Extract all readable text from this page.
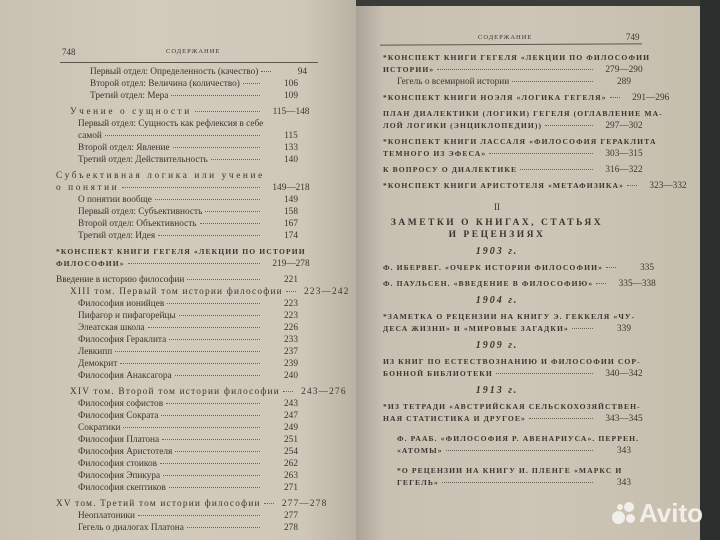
748	СОДЕРЖАНИЕ
СОДЕРЖАНИЕ	749
Первый отдел: Определенность (качество)	94
Второй отдел: Величина (количество)	106
Третий отдел: Мера	109
Учение о сущности	115—148
Первый отдел: Сущность как рефлексия в себе
самой	115
Второй отдел: Явление	133
Третий отдел: Действительность	140
Субъективная логика или учение
о понятии	149—218
О понятии вообще	149
Первый отдел: Субъективность	158
Второй отдел: Объективность	167
Третий отдел: Идея	174
*КОНСПЕКТ КНИГИ ГЕГЕЛЯ «ЛЕКЦИИ ПО ИСТОРИИ
ФИЛОСОФИИ»	219—278
Введение в историю философии	221
XIII том. Первый том истории философии	223—242
Философия ионийцев	223
Пифагор и пифагорейцы	223
Элеатская школа	226
Философия Гераклита	233
Левкипп	237
Демокрит	239
Философия Анаксагора	240
XIV том. Второй том истории философии	243—276
Философия софистов	243
Философия Сократа	247
Сократики	249
Философия Платона	251
Философия Аристотеля	254
Философия стоиков	262
Философия Эпикура	263
Философия скептиков	271
XV том. Третий том истории философии	277—278
Неоплатоники	277
Гегель о диалогах Платона	278
*КОНСПЕКТ КНИГИ ГЕГЕЛЯ «ЛЕКЦИИ ПО ФИЛОСОФИИ
ИСТОРИИ»	279—290
Гегель о всемирной истории	289
*КОНСПЕКТ КНИГИ НОЭЛЯ «ЛОГИКА ГЕГЕЛЯ»	291—296
ПЛАН ДИАЛЕКТИКИ (ЛОГИКИ) ГЕГЕЛЯ (ОГЛАВЛЕНИЕ МА-
ЛОЙ ЛОГИКИ (ЭНЦИКЛОПЕДИИ))	297—302
*КОНСПЕКТ КНИГИ ЛАССАЛЯ «ФИЛОСОФИЯ ГЕРАКЛИТА
ТЕМНОГО ИЗ ЭФЕСА»	303—315
К ВОПРОСУ О ДИАЛЕКТИКЕ	316—322
*КОНСПЕКТ КНИГИ АРИСТОТЕЛЯ «МЕТАФИЗИКА»	323—332
II
ЗАМЕТКИ О КНИГАХ, СТАТЬЯХ
И РЕЦЕНЗИЯХ
1903 г.
Ф. ИБЕРВЕГ. «ОЧЕРК ИСТОРИИ ФИЛОСОФИИ»	335
Ф. ПАУЛЬСЕН. «ВВЕДЕНИЕ В ФИЛОСОФИЮ»	335—338
1904 г.
*ЗАМЕТКА О РЕЦЕНЗИИ НА КНИГУ Э. ГЕККЕЛЯ «ЧУ-
ДЕСА ЖИЗНИ» И «МИРОВЫЕ ЗАГАДКИ»	339
1909 г.
ИЗ КНИГ ПО ЕСТЕСТВОЗНАНИЮ И ФИЛОСОФИИ СОР-
БОННОЙ БИБЛИОТЕКИ	340—342
1913 г.
*ИЗ ТЕТРАДИ «АВСТРИЙСКАЯ СЕЛЬСКОХОЗЯЙСТВЕН-
НАЯ СТАТИСТИКА И ДРУГОЕ»	343—345
Ф. РААБ. «ФИЛОСОФИЯ Р. АВЕНАРИУСА». ПЕРРЕН.
«АТОМЫ»	343
*О РЕЦЕНЗИИ НА КНИГУ И. ПЛЕНГЕ «МАРКС И
ГЕГЕЛЬ»	343
Avito
